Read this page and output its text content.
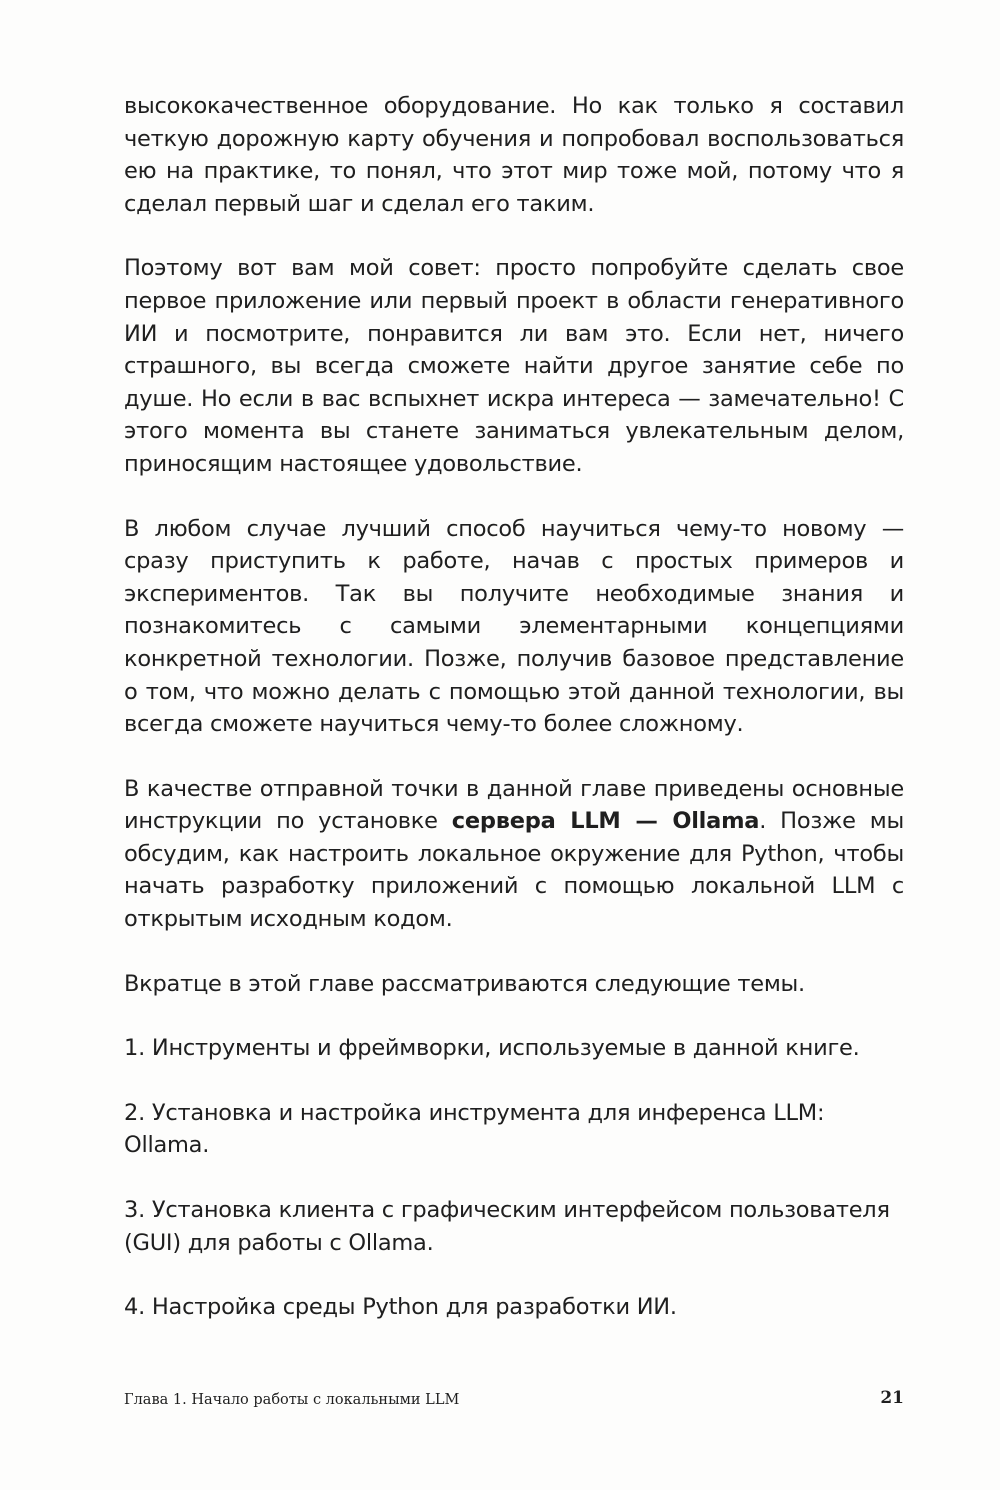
высококачественное оборудование. Но как только я составил четкую дорожную карту обучения и попробовал воспользоваться ею на практике, то понял, что этот мир тоже мой, потому что я сделал первый шаг и сделал его таким.

Поэтому вот вам мой совет: просто попробуйте сделать свое первое приложение или первый проект в области генеративного ИИ и посмотрите, понравится ли вам это. Если нет, ничего страшного, вы всегда сможете найти другое занятие себе по душе. Но если в вас вспыхнет искра интереса — замечательно! С этого момента вы станете заниматься увлекательным делом, приносящим настоящее удовольствие.

В любом случае лучший способ научиться чему-то новому — сразу приступить к работе, начав с простых примеров и экспериментов. Так вы получите необходимые знания и познакомитесь с самыми элементарными концепциями конкретной технологии. Позже, получив базовое представление о том, что можно делать с помощью этой данной технологии, вы всегда сможете научиться чему-то более сложному.

В качестве отправной точки в данной главе приведены основные инструкции по установке сервера LLM — Ollama. Позже мы обсудим, как настроить локальное окружение для Python, чтобы начать разработку приложений с помощью локальной LLM с открытым исходным кодом.

Вкратце в этой главе рассматриваются следующие темы.

1. Инструменты и фреймворки, используемые в данной книге.

2. Установка и настройка инструмента для инференса LLM: Ollama.

3. Установка клиента с графическим интерфейсом пользователя (GUI) для работы с Ollama.

4. Настройка среды Python для разработки ИИ.

Глава 1. Начало работы с локальными LLM	21
